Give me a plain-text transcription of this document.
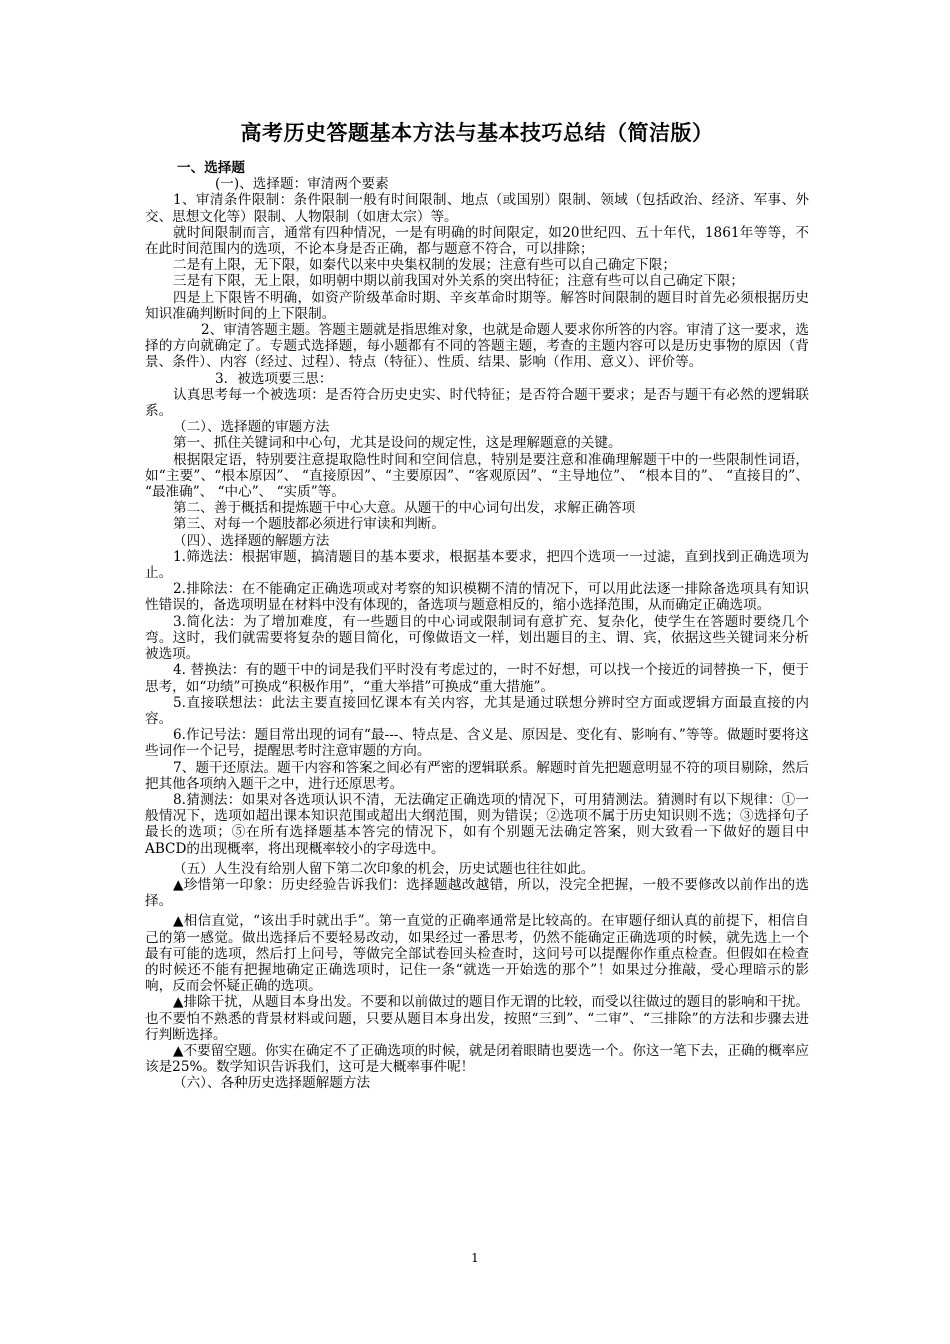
高考历史答题基本方法与基本技巧总结（简洁版）
一、选择题

(一)、选择题：审清两个要素

1、审清条件限制：条件限制一般有时间限制、地点（或国别）限制、领域（包括政治、经济、军事、外交、思想文化等）限制、人物限制（如唐太宗）等。

就时间限制而言，通常有四种情况，一是有明确的时间限定，如20世纪四、五十年代，1861年等等，不在此时间范围内的选项，不论本身是否正确，都与题意不符合，可以排除；

二是有上限，无下限，如秦代以来中央集权制的发展；注意有些可以自己确定下限；

三是有下限，无上限，如明朝中期以前我国对外关系的突出特征；注意有些可以自己确定下限；

四是上下限皆不明确，如资产阶级革命时期、辛亥革命时期等。解答时间限制的题目时首先必须根据历史知识准确判断时间的上下限制。

2、审清答题主题。答题主题就是指思维对象，也就是命题人要求你所答的内容。审清了这一要求，选择的方向就确定了。专题式选择题，每小题都有不同的答题主题，考查的主题内容可以是历史事物的原因（背景、条件）、内容（经过、过程）、特点（特征）、性质、结果、影响（作用、意义）、评价等。

3．被选项要三思：

认真思考每一个被选项：是否符合历史史实、时代特征；是否符合题干要求；是否与题干有必然的逻辑联系。

（二）、选择题的审题方法

第一、抓住关键词和中心句，尤其是设问的规定性，这是理解题意的关键。

根据限定语，特别要注意提取隐性时间和空间信息，特别是要注意和准确理解题干中的一些限制性词语，如“主要”、“根本原因”、 “直接原因”、“主要原因”、“客观原因”、“主导地位”、 “根本目的”、 “直接目的”、 “最准确”、 “中心”、 “实质”等。

第二、善于概括和提炼题干中心大意。从题干的中心词句出发，求解正确答项

第三、对每一个题肢都必须进行审读和判断。

（四）、选择题的解题方法

1.筛选法：根据审题，搞清题目的基本要求，根据基本要求，把四个选项一一过滤，直到找到正确选项为止。

2.排除法：在不能确定正确选项或对考察的知识模糊不清的情况下，可以用此法逐一排除备选项具有知识性错误的，备选项明显在材料中没有体现的，备选项与题意相反的，缩小选择范围，从而确定正确选项。

3.简化法：为了增加难度，有一些题目的中心词或限制词有意扩充、复杂化，使学生在答题时要绕几个弯。这时，我们就需要将复杂的题目简化，可像做语文一样，划出题目的主、谓、宾，依据这些关键词来分析被选项。

4. 替换法：有的题干中的词是我们平时没有考虑过的，一时不好想，可以找一个接近的词替换一下，便于思考，如“功绩”可换成“积极作用”，“重大举措”可换成“重大措施”。

5.直接联想法：此法主要直接回忆课本有关内容，尤其是通过联想分辨时空方面或逻辑方面最直接的内容。

6.作记号法：题目常出现的词有“最---、特点是、含义是、原因是、变化有、影响有、”等等。做题时要将这些词作一个记号，提醒思考时注意审题的方向。

7、题干还原法。题干内容和答案之间必有严密的逻辑联系。解题时首先把题意明显不符的项目剔除，然后把其他各项纳入题干之中，进行还原思考。

8.猜测法：如果对各选项认识不清，无法确定正确选项的情况下，可用猜测法。猜测时有以下规律：①一般情况下，选项如超出课本知识范围或超出大纲范围，则为错误；②选项不属于历史知识则不选；③选择句子最长的选项；⑤在所有选择题基本答完的情况下，如有个别题无法确定答案，则大致看一下做好的题目中ABCD的出现概率，将出现概率较小的字母选中。

（五）人生没有给别人留下第二次印象的机会，历史试题也往往如此。

▲珍惜第一印象：历史经验告诉我们：选择题越改越错，所以，没完全把握，一般不要修改以前作出的选择。

▲相信直觉，“该出手时就出手”。第一直觉的正确率通常是比较高的。在审题仔细认真的前提下，相信自己的第一感觉。做出选择后不要轻易改动，如果经过一番思考，仍然不能确定正确选项的时候，就先选上一个最有可能的选项，然后打上问号，等做完全部试卷回头检查时，这问号可以提醒你作重点检查。但假如在检查的时候还不能有把握地确定正确选项时，记住一条“就选一开始选的那个”！如果过分推敲，受心理暗示的影响，反而会怀疑正确的选项。

▲排除干扰，从题目本身出发。不要和以前做过的题目作无谓的比较，而受以往做过的题目的影响和干扰。也不要怕不熟悉的背景材料或问题，只要从题目本身出发，按照“三到”、“二审”、“三排除”的方法和步骤去进行判断选择。

▲不要留空题。你实在确定不了正确选项的时候，就是闭着眼睛也要选一个。你这一笔下去，正确的概率应该是25%。数学知识告诉我们，这可是大概率事件呢！

（六）、各种历史选择题解题方法

1
